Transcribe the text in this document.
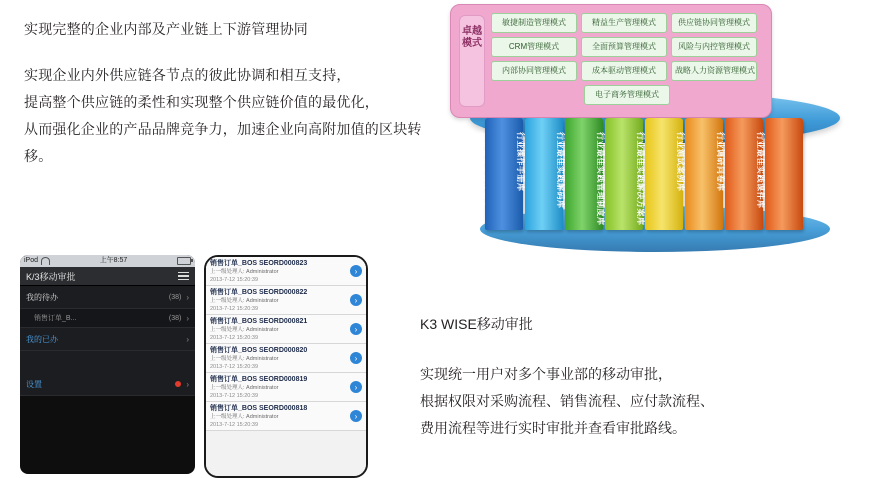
实现完整的企业内部及产业链上下游管理协同

实现企业内外供应链各节点的彼此协调和相互支持，
提高整个供应链的柔性和实现整个供应链价值的最优化，
从而强化企业的产品品牌竞争力，加速企业向高附加值的区块转
移。

卓越模式
敏捷制造管理模式	精益生产管理模式	供应链协同管理模式
CRM管理模式	全面预算管理模式	风险与内控管理模式
内部协同管理模式	成本驱动管理模式	战略人力资源管理模式
电子商务管理模式
行业最佳实践流程库	行业操作手册库	行业最佳实践解码库	行业最佳实践管理制度库	行业最佳实践解决方案库	行业测试案例库	行业调研问卷库	行业最佳实践课件库
iPod	上午8:57
K/3移动审批
我的待办	(38) ›
销售订单_B...	(38) ›
我的已办	›
设置	›
销售订单_BOS SEORD000823
上一级处理人: Administrator
2013-7-12 15:20:39
›
销售订单_BOS SEORD000822
上一级处理人: Administrator
2013-7-12 15:20:39
›
销售订单_BOS SEORD000821
上一级处理人: Administrator
2013-7-12 15:20:39
›
销售订单_BOS SEORD000820
上一级处理人: Administrator
2013-7-12 15:20:39
›
销售订单_BOS SEORD000819
上一级处理人: Administrator
2013-7-12 15:20:39
›
销售订单_BOS SEORD000818
上一级处理人: Administrator
2013-7-12 15:20:39
›

K3 WISE移动审批

实现统一用户对多个事业部的移动审批，
根据权限对采购流程、销售流程、应付款流程、
费用流程等进行实时审批并查看审批路线。
